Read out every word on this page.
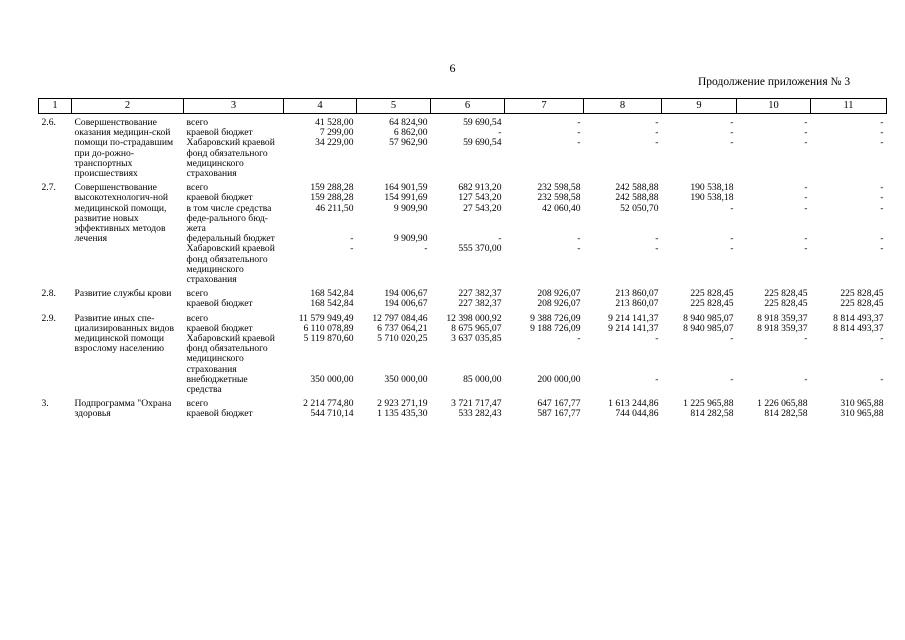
6
Продолжение приложения № 3
1	2	3	4	5	6	7	8	9	10	11

2.6.	Совершенствование оказания медицин-ской помощи по-страдавшим при до-рожно-транспортных происшествиях	всего	41 528,00	64 824,90	59 690,54	-	-	-	-	-
		краевой бюджет	7 299,00	6 862,00	-	-	-	-	-	-
		Хабаровский краевой фонд обязательного медицинского страхования	34 229,00	57 962,90	59 690,54	-	-	-	-	-

2.7.	Совершенствование высокотехнологич-ной медицинской помощи, развитие новых эффективных методов лечения	всего	159 288,28	164 901,59	682 913,20	232 598,58	242 588,88	190 538,18	-	-
		краевой бюджет	159 288,28	154 991,69	127 543,20	232 598,58	242 588,88	190 538,18	-	-
		в том числе средства феде-рального бюд-жета	46 211,50	9 909,90	27 543,20	42 060,40	52 050,70	-	-	-
		федеральный бюджет	-	9 909,90	-	-	-	-	-	-
		Хабаровский краевой фонд обязательного медицинского страхования	-	-	555 370,00	-	-	-	-	-

2.8.	Развитие службы крови	всего	168 542,84	194 006,67	227 382,37	208 926,07	213 860,07	225 828,45	225 828,45	225 828,45
		краевой бюджет	168 542,84	194 006,67	227 382,37	208 926,07	213 860,07	225 828,45	225 828,45	225 828,45

2.9.	Развитие иных спе-циализированных видов медицинской помощи взрослому населению	всего	11 579 949,49	12 797 084,46	12 398 000,92	9 388 726,09	9 214 141,37	8 940 985,07	8 918 359,37	8 814 493,37
		краевой бюджет	6 110 078,89	6 737 064,21	8 675 965,07	9 188 726,09	9 214 141,37	8 940 985,07	8 918 359,37	8 814 493,37
		Хабаровский краевой фонд обязательного медицинского страхования	5 119 870,60	5 710 020,25	3 637 035,85	-	-	-	-	-
		внебюджетные средства	350 000,00	350 000,00	85 000,00	200 000,00	-	-	-	-

3.	Подпрограмма "Охрана здоровья	всего	2 214 774,80	2 923 271,19	3 721 717,47	647 167,77	1 613 244,86	1 225 965,88	1 226 065,88	310 965,88
		краевой бюджет	544 710,14	1 135 435,30	533 282,43	587 167,77	744 044,86	814 282,58	814 282,58	310 965,88
